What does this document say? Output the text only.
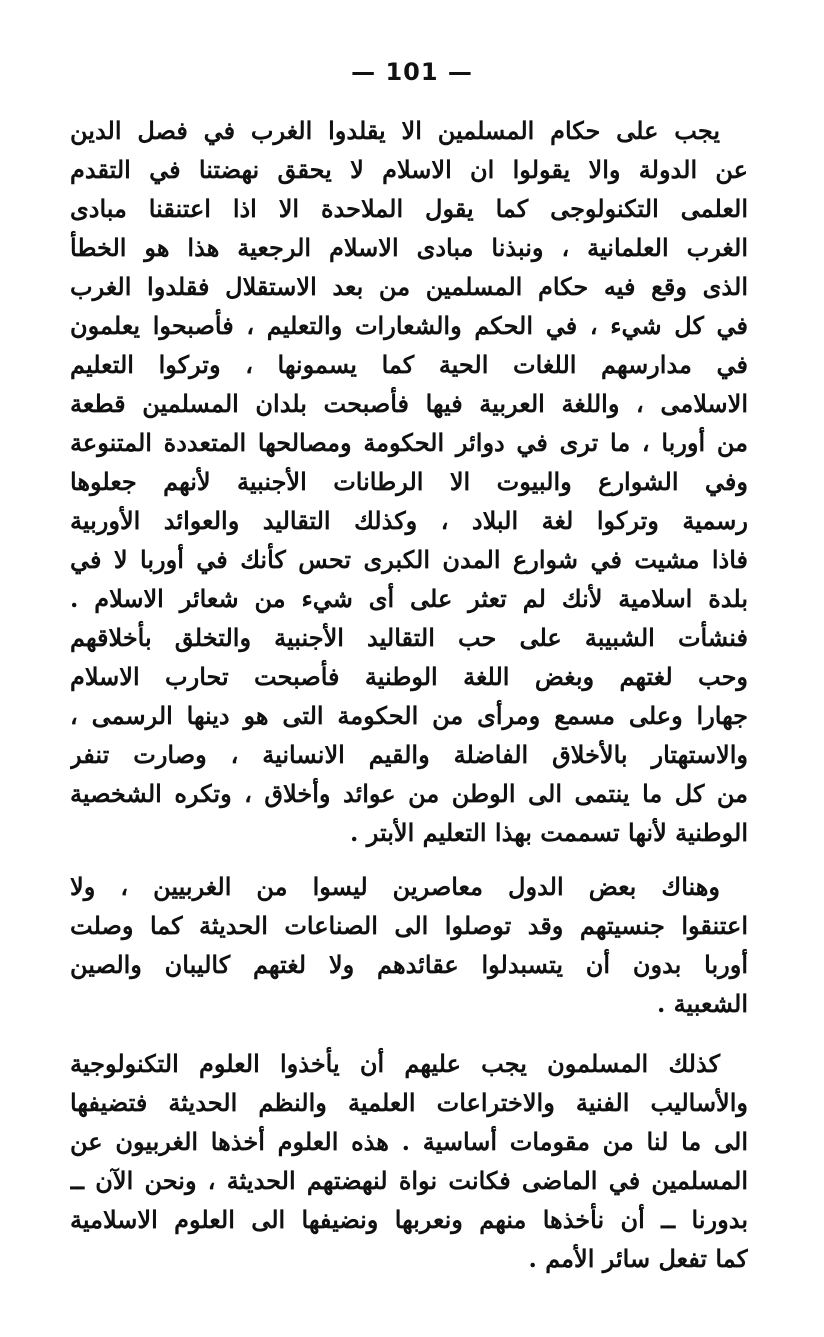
— 101 —
يجب على حكام المسلمين الا يقلدوا الغرب في فصل الدين
عن الدولة والا يقولوا ان الاسلام لا يحقق نهضتنا في التقدم
العلمى التكنولوجى كما يقول الملاحدة الا اذا اعتنقنا مبادى
الغرب العلمانية ، ونبذنا مبادى الاسلام الرجعية هذا هو الخطأ
الذى وقع فيه حكام المسلمين من بعد الاستقلال فقلدوا الغرب
في كل شيء ، في الحكم والشعارات والتعليم ، فأصبحوا يعلمون
في مدارسهم اللغات الحية كما يسمونها ، وتركوا التعليم
الاسلامى ، واللغة العربية فيها فأصبحت بلدان المسلمين قطعة
من أوربا ، ما ترى في دوائر الحكومة ومصالحها المتعددة المتنوعة
وفي الشوارع والبيوت الا الرطانات الأجنبية لأنهم جعلوها
رسمية وتركوا لغة البلاد ، وكذلك التقاليد والعوائد الأوربية
فاذا مشيت في شوارع المدن الكبرى تحس كأنك في أوربا لا في
بلدة اسلامية لأنك لم تعثر على أى شيء من شعائر الاسلام .
فنشأت الشبيبة على حب التقاليد الأجنبية والتخلق بأخلاقهم
وحب لغتهم وبغض اللغة الوطنية فأصبحت تحارب الاسلام
جهارا وعلى مسمع ومرأى من الحكومة التى هو دينها الرسمى ،
والاستهتار بالأخلاق الفاضلة والقيم الانسانية ، وصارت تنفر
من كل ما ينتمى الى الوطن من عوائد وأخلاق ، وتكره الشخصية
الوطنية لأنها تسممت بهذا التعليم الأبتر .
وهناك بعض الدول معاصرين ليسوا من الغربيين ، ولا
اعتنقوا جنسيتهم وقد توصلوا الى الصناعات الحديثة كما وصلت
أوربا بدون أن يتسبدلوا عقائدهم ولا لغتهم كاليبان والصين
الشعبية .
كذلك المسلمون يجب عليهم أن يأخذوا العلوم التكنولوجية
والأساليب الفنية والاختراعات العلمية والنظم الحديثة فتضيفها
الى ما لنا من مقومات أساسية . هذه العلوم أخذها الغربيون عن
المسلمين في الماضى فكانت نواة لنهضتهم الحديثة ، ونحن الآن ــ
بدورنا ــ أن نأخذها منهم ونعربها ونضيفها الى العلوم الاسلامية
كما تفعل سائر الأمم .
